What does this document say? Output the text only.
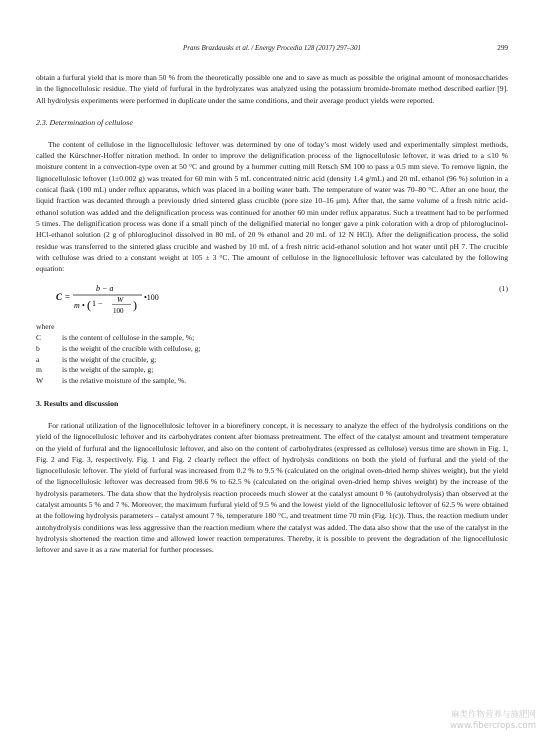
Prans Brazdausks et al. / Energy Procedia 128 (2017) 297–301	299

obtain a furfural yield that is more than 50 % from the theoretically possible one and to save as much as possible the original amount of monosaccharides in the lignocellulosic residue. The yield of furfural in the hydrolyzates was analyzed using the potassium bromide-bromate method described earlier [9]. All hydrolysis experiments were performed in duplicate under the same conditions, and their average product yields were reported.

2.3. Determination of cellulose

The content of cellulose in the lignocellulosic leftover was determined by one of today’s most widely used and experimentally simplest methods, called the Kürschner-Hoffer nitration method. In order to improve the delignification process of the lignocellulosic leftover, it was dried to a ≤10 % moisture content in a convection-type oven at 50 °C and ground by a hummer cutting mill Retsch SM 100 to pass a 0.5 mm sieve. To remove lignin, the lignocellulosic leftover (1±0.002 g) was treated for 60 min with 5 mL concentrated nitric acid (density 1.4 g/mL) and 20 mL ethanol (96 %) solution in a conical flask (100 mL) under reflux apparatus, which was placed in a boiling water bath. The temperature of water was 70–80 °C. After an one hour, the liquid fraction was decanted through a previously dried sintered glass crucible (pore size 10–16 μm). After that, the same volume of a fresh nitric acid-ethanol solution was added and the delignification process was continued for another 60 min under reflux apparatus. Such a treatment had to be performed 5 times. The delignification process was done if a small pinch of the delignified material no longer gave a pink coloration with a drop of phloroglucinol-HCl-ethanol solution (2 g of phloroglucinol dissolved in 80 mL of 20 % ethanol and 20 mL of 12 N HCl). After the delignification process, the solid residue was transferred to the sintered glass crucible and washed by 10 mL of a fresh nitric acid-ethanol solution and hot water until pH 7. The crucible with cellulose was dried to a constant weight at 105 ± 3 °C. The amount of cellulose in the lignocellulosic leftover was calculated by the following equation:

C =
b − a
m • ( 1 − W
100 )
•100
(1)
where
C	is the content of cellulose in the sample, %;
b	is the weight of the crucible with cellulose, g;
a	is the weight of the crucible, g;
m	is the weight of the sample, g;
W	is the relative moisture of the sample, %.
3. Results and discussion

For rational utilization of the lignocellulosic leftover in a biorefinery concept, it is necessary to analyze the effect of the hydrolysis conditions on the yield of the lignocellulosic leftover and its carbohydrates content after biomass pretreatment. The effect of the catalyst amount and treatment temperature on the yield of furfural and the lignocellulosic leftover, and also on the content of carbohydrates (expressed as cellulose) versus time are shown in Fig. 1, Fig. 2 and Fig. 3, respectively. Fig. 1 and Fig. 2 clearly reflect the effect of hydrolysis conditions on both the yield of furfural and the yield of the lignocellulosic leftover. The yield of furfural was increased from 0.2 % to 9.5 % (calculated on the original oven-dried hemp shives weight), but the yield of the lignocellulosic leftover was decreased from 98.6 % to 62.5 % (calculated on the original oven-dried hemp shives weight) by the increase of the hydrolysis parameters. The data show that the hydrolysis reaction proceeds much slower at the catalyst amount 0 % (autohydrolysis) than observed at the catalyst amounts 5 % and 7 %. Moreover, the maximum furfural yield of 9.5 % and the lowest yield of the lignocellulosic leftover of 62.5 % were obtained at the following hydrolysis parameters – catalyst amount 7 %, temperature 180 °C, and treatment time 70 min (Fig. 1(c)). Thus, the reaction medium under autohydrolysis conditions was less aggressive than the reaction medium where the catalyst was added. The data also show that the use of the catalyst in the hydrolysis shortened the reaction time and allowed lower reaction temperatures. Thereby, it is possible to prevent the degradation of the lignocellulosic leftover and save it as a raw material for further processes.

麻类作物营养与施肥网
www.fibercrops.com
